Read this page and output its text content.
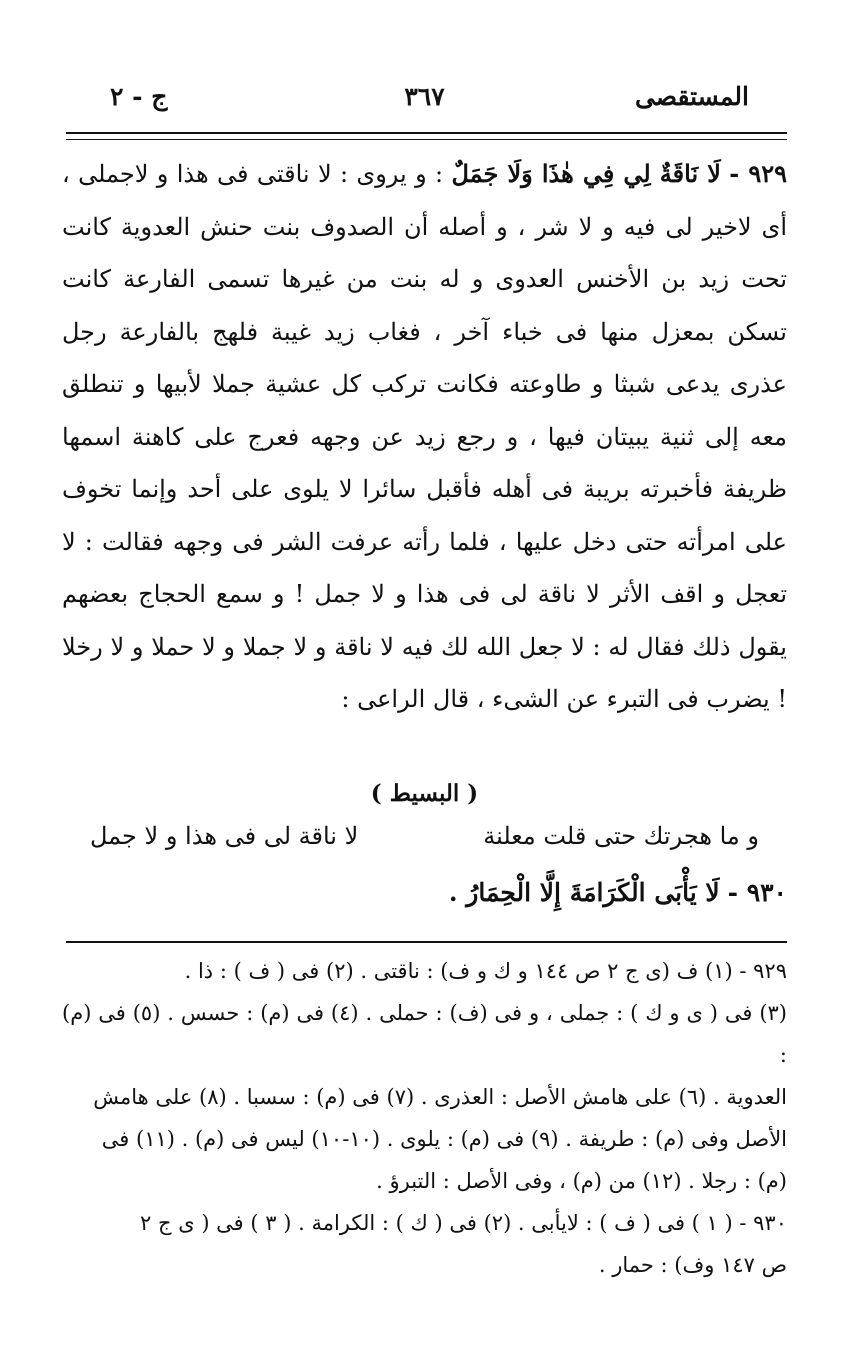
المستقصى
٣٦٧
ج - ٢

٩٢٩ - لَا نَاقَةٌ لِي فِي هٰذَا وَلَا جَمَلٌ : و يروى : لا ناقتى فى هذا و لاجملى ، أى لاخير لى فيه و لا شر ، و أصله أن الصدوف بنت حنش العدوية كانت تحت زيد بن الأخنس العدوى و له بنت من غيرها تسمى الفارعة كانت تسكن بمعزل منها فى خباء آخر ، فغاب زيد غيبة فلهج بالفارعة رجل عذرى يدعى شبثا و طاوعته فكانت تركب كل عشية جملا لأبيها و تنطلق معه إلى ثنية يبيتان فيها ، و رجع زيد عن وجهه فعرج على كاهنة اسمها ظريفة فأخبرته بريبة فى أهله فأقبل سائرا لا يلوى على أحد وإنما تخوف على امرأته حتى دخل عليها ، فلما رأته عرفت الشر فى وجهه فقالت : لا تعجل و اقف الأثر لا ناقة لى فى هذا و لا جمل ! و سمع الحجاج بعضهم يقول ذلك فقال له : لا جعل الله لك فيه لا ناقة و لا جملا و لا حملا و لا رخلا ! يضرب فى التبرء عن الشىء ، قال الراعى :

( البسيط )
و ما هجرتك حتى قلت معلنة
لا ناقة لى فى هذا و لا جمل
٩٣٠ - لَا يَأْبَى الْكَرَامَةَ إِلَّا الْحِمَارُ .

٩٢٩ - (١) ف (ى ج ٢ ص ١٤٤ و ك و ف) : ناقتى . (٢) فى ( ف ) : ذا .

(٣) فى ( ى و ك ) : جملى ، و فى (ف) : حملى . (٤) فى (م) : حسس . (٥) فى (م) :

العدوية . (٦) على هامش الأصل : العذرى . (٧) فى (م) : سسبا . (٨) على هامش

الأصل وفى (م) : طريفة . (٩) فى (م) : يلوى . (١٠-١٠) ليس فى (م) . (١١) فى

(م) : رجلا . (١٢) من (م) ، وفى الأصل : التبرؤ .

٩٣٠ - ( ١ ) فى ( ف ) : لايأبى . (٢) فى ( ك ) : الكرامة . ( ٣ ) فى ( ى ج ٢

ص ١٤٧ وف) : حمار .
